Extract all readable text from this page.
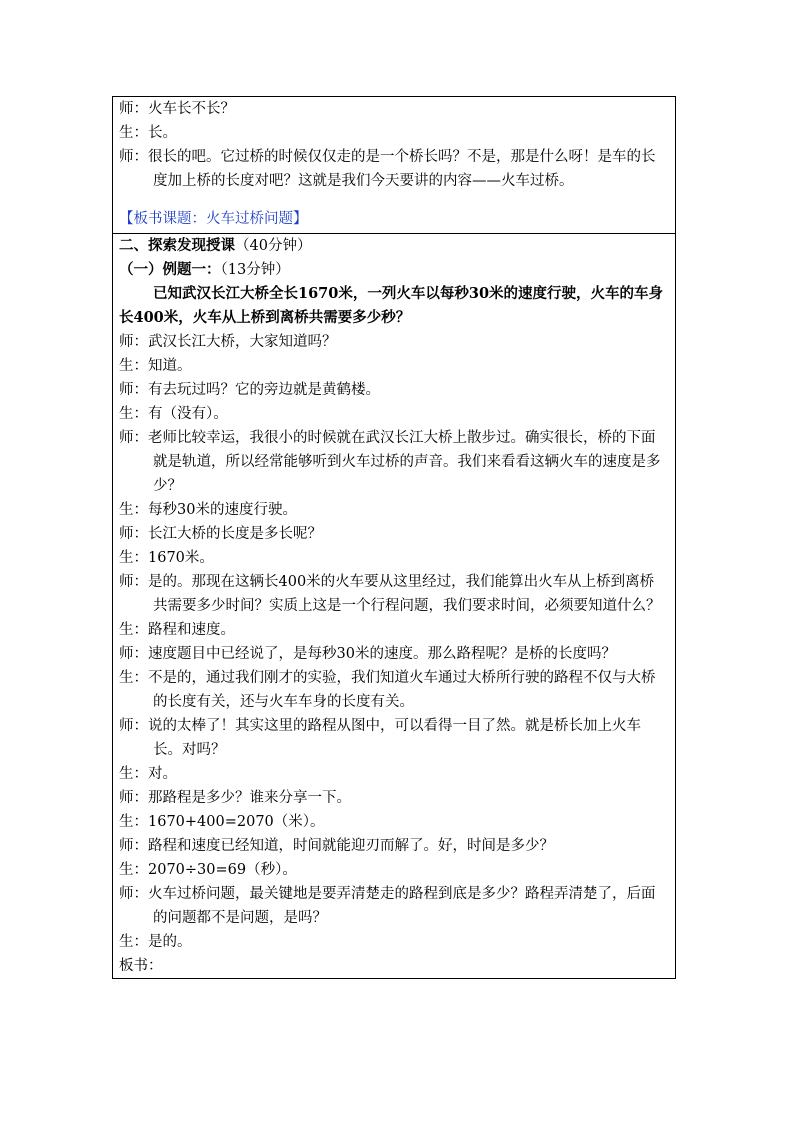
师：火车长不长？
生：长。
师：很长的吧。它过桥的时候仅仅走的是一个桥长吗？不是，那是什么呀！是车的长度加上桥的长度对吧？这就是我们今天要讲的内容——火车过桥。
【板书课题：火车过桥问题】
二、探索发现授课（40分钟）
（一）例题一：（13分钟）
已知武汉长江大桥全长1670米，一列火车以每秒30米的速度行驶，火车的车身长400米，火车从上桥到离桥共需要多少秒？
师：武汉长江大桥，大家知道吗？
生：知道。
师：有去玩过吗？它的旁边就是黄鹤楼。
生：有（没有）。
师：老师比较幸运，我很小的时候就在武汉长江大桥上散步过。确实很长，桥的下面就是轨道，所以经常能够听到火车过桥的声音。我们来看看这辆火车的速度是多少？
生：每秒30米的速度行驶。
师：长江大桥的长度是多长呢？
生：1670米。
师：是的。那现在这辆长400米的火车要从这里经过，我们能算出火车从上桥到离桥共需要多少时间？实质上这是一个行程问题，我们要求时间，必须要知道什么？
生：路程和速度。
师：速度题目中已经说了，是每秒30米的速度。那么路程呢？是桥的长度吗？
生：不是的，通过我们刚才的实验，我们知道火车通过大桥所行驶的路程不仅与大桥的长度有关，还与火车车身的长度有关。
师：说的太棒了！其实这里的路程从图中，可以看得一目了然。就是桥长加上火车长。对吗？
生：对。
师：那路程是多少？谁来分享一下。
生：1670+400=2070（米）。
师：路程和速度已经知道，时间就能迎刃而解了。好，时间是多少？
生：2070÷30=69（秒）。
师：火车过桥问题，最关键地是要弄清楚走的路程到底是多少？路程弄清楚了，后面的问题都不是问题，是吗？
生：是的。
板书：
